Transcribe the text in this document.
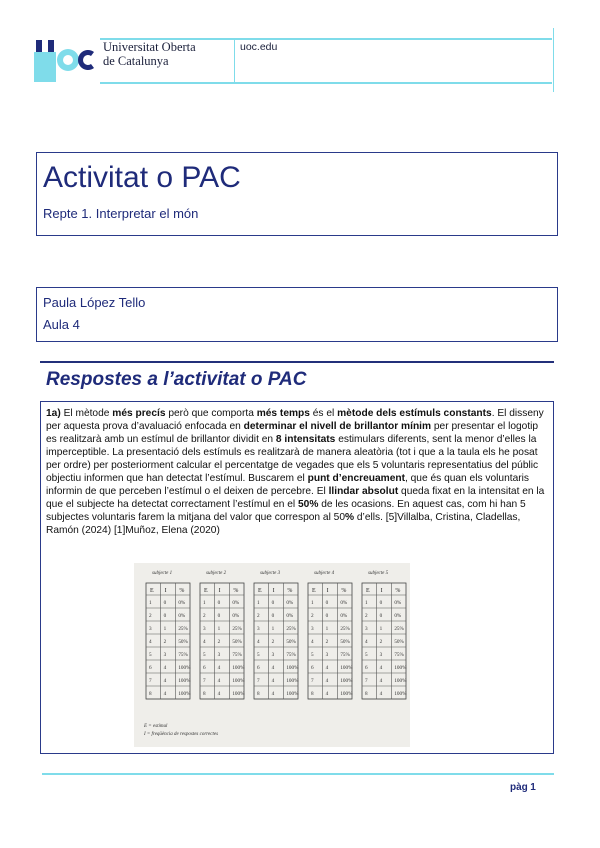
Universitat Oberta
de Catalunya
uoc.edu
Activitat o PAC
Repte 1. Interpretar el món
Paula López Tello
Aula 4
Respostes a l’activitat o PAC
1a) El mètode més precís però que comporta més temps és el mètode dels estímuls constants. El disseny per aquesta prova d’avaluació enfocada en determinar el nivell de brillantor mínim per presentar el logotip es realitzarà amb un estímul de brillantor dividit en 8 intensitats estimulars diferents, sent la menor d’elles la imperceptible. La presentació dels estímuls es realitzarà de manera aleatòria (tot i que a la taula els he posat per ordre) per posteriorment calcular el percentatge de vegades que els 5 voluntaris representatius del públic objectiu informen que han detectat l’estímul. Buscarem el punt d’encreuament, que és quan els voluntaris informin de que perceben l’estímul o el deixen de percebre. El llindar absolut queda fixat en la intensitat en la que el subjecte ha detectat correctament l’estímul en el 50% de les ocasions. En aquest cas, com hi han 5 subjectes voluntaris farem la mitjana del valor que correspon al 50% d’ells. [5]Villalba, Cristina, Cladellas, Ramón (2024) [1]Muñoz, Elena (2020)
subjecte 1
E I %
1 0 0%
2 0 0%
3 1 25%
4 2 50%
5 3 75%
6 4 100%
7 4 100%
8 4 100%
subjecte 2
E I %
1 0 0%
2 0 0%
3 1 25%
4 2 50%
5 3 75%
6 4 100%
7 4 100%
8 4 100%
subjecte 3
E I %
1 0 0%
2 0 0%
3 1 25%
4 2 50%
5 3 75%
6 4 100%
7 4 100%
8 4 100%
subjecte 4
E I %
1 0 0%
2 0 0%
3 1 25%
4 2 50%
5 3 75%
6 4 100%
7 4 100%
8 4 100%
subjecte 5
E I %
1 0 0%
2 0 0%
3 1 25%
4 2 50%
5 3 75%
6 4 100%
7 4 100%
8 4 100%
E = estímul
I = freqüència de respostes correctes
pàg 1
